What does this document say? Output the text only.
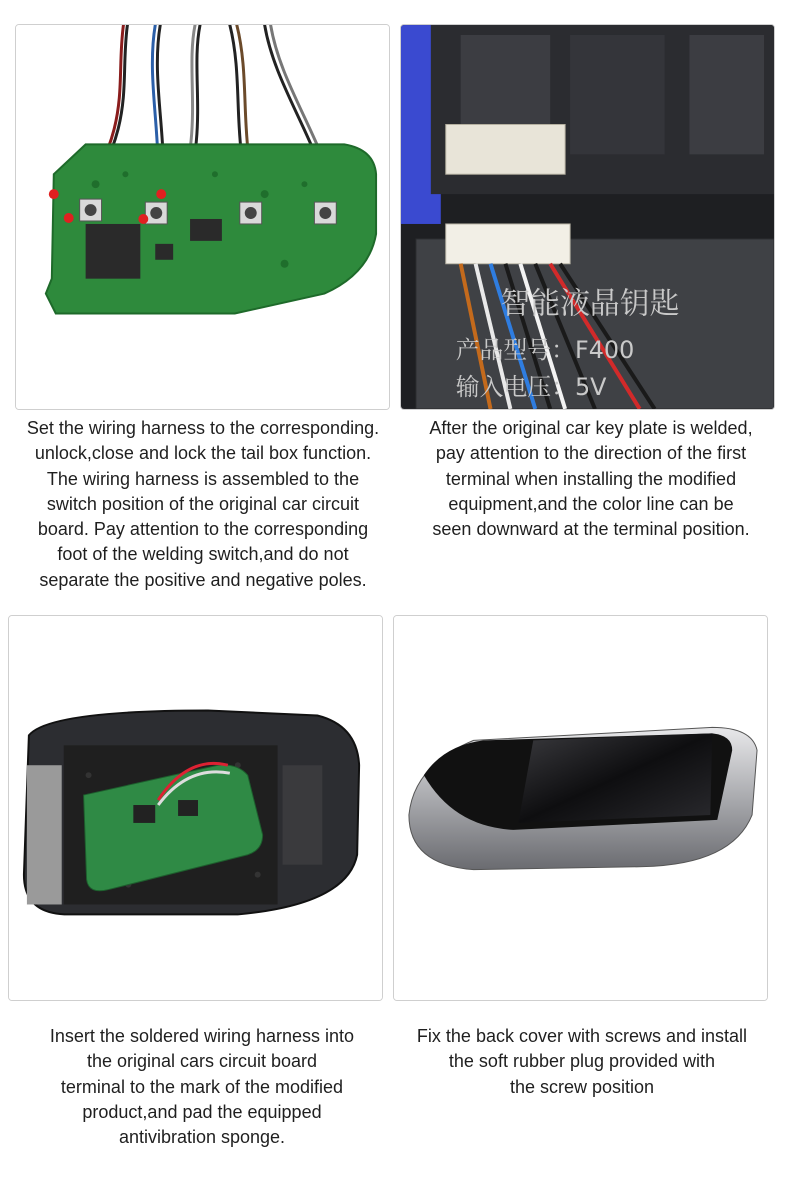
Set the wiring harness to the corresponding.
unlock,close and lock the tail box function.
The wiring harness is assembled to the
switch position of the original car circuit
board. Pay attention to the corresponding
foot of the welding switch,and do not
separate the positive and negative poles.
智能液晶钥匙
产品型号：F400
输入电压：5V
After the original car key plate is welded,
pay attention to the direction of the first
terminal when installing the modified
equipment,and the color line can be
seen downward at the terminal position.
Insert the soldered wiring harness into
the original cars circuit board
terminal to the mark of the modified
product,and pad the equipped
antivibration sponge.
Fix the back cover with screws and install
the soft rubber plug provided with
the screw position
